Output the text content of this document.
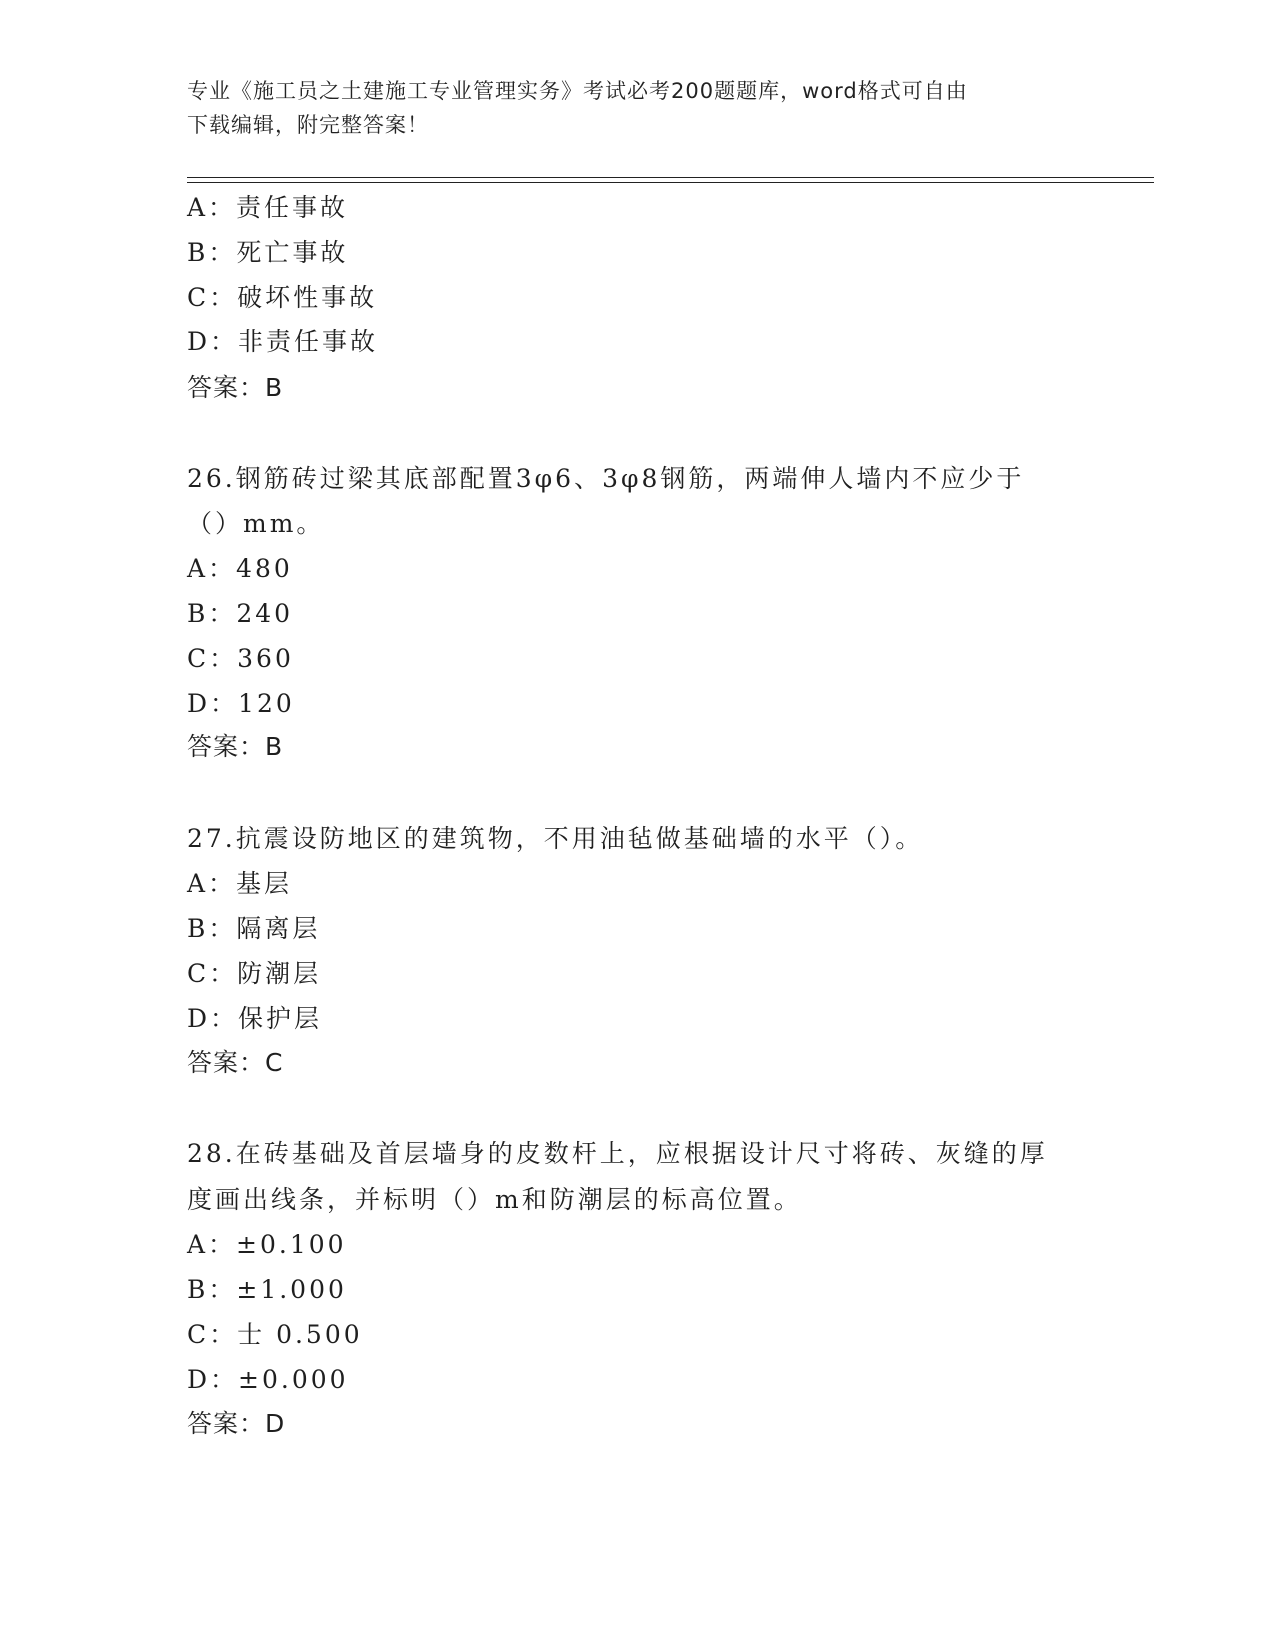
专业《施工员之土建施工专业管理实务》考试必考200题题库，word格式可自由
下载编辑，附完整答案！
A：责任事故
B：死亡事故
C：破坏性事故
D：非责任事故
答案：B
26.钢筋砖过梁其底部配置3φ6、3φ8钢筋，两端伸人墙内不应少于
（）mm。
A：480
B：240
C：360
D：120
答案：B
27.抗震设防地区的建筑物，不用油毡做基础墙的水平（）。
A：基层
B：隔离层
C：防潮层
D：保护层
答案：C
28.在砖基础及首层墙身的皮数杆上，应根据设计尺寸将砖、灰缝的厚
度画出线条，并标明（）m和防潮层的标高位置。
A：±0.100
B：±1.000
C：士 0.500
D：±0.000
答案：D
